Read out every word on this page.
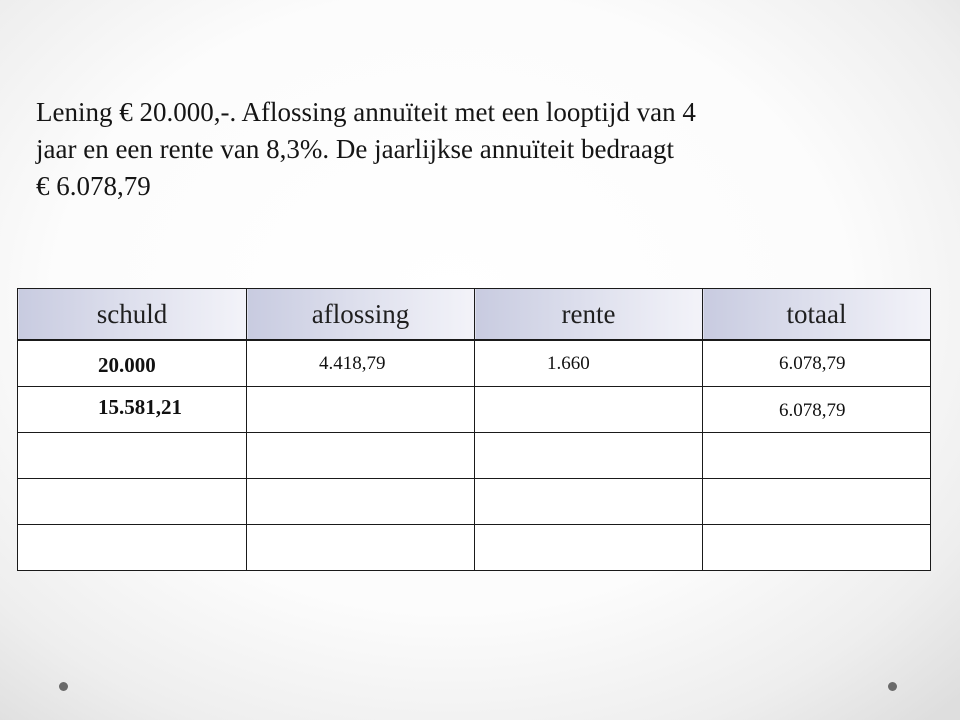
Lening € 20.000,-. Aflossing annuïteit met een looptijd van 4
jaar en een rente van 8,3%. De jaarlijkse annuïteit bedraagt
€ 6.078,79
schuld	aflossing	rente	totaal

20.000	4.418,79	1.660	6.078,79

15.581,21			6.078,79
